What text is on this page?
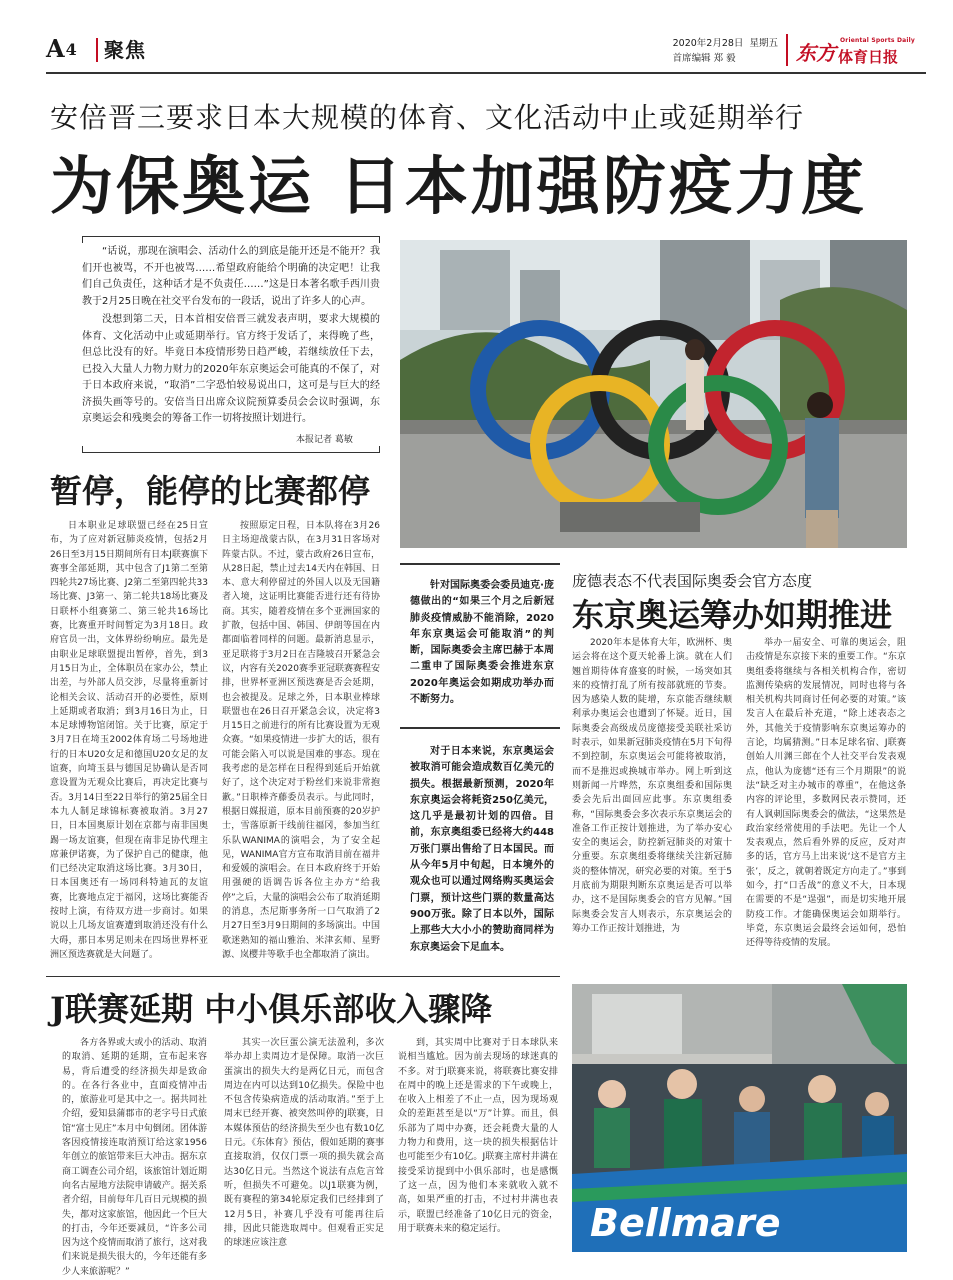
A4 聚焦	2020年2月28日 星期五
首席编辑 郑 毅	东方
Oriental Sports Daily
体育日报
安倍晋三要求日本大规模的体育、文化活动中止或延期举行
为保奥运 日本加强防疫力度

“话说，那现在演唱会、活动什么的到底是能开还是不能开？我们开也被骂，不开也被骂……希望政府能给个明确的决定吧！让我们自己负责任，这种话才是不负责任……”这是日本著名歌手西川贵教于2月25日晚在社交平台发布的一段话，说出了许多人的心声。

没想到第二天，日本首相安倍晋三就发表声明，要求大规模的体育、文化活动中止或延期举行。官方终于发话了，来得晚了些，但总比没有的好。毕竟日本疫情形势日趋严峻，若继续放任下去，已投入大量人力物力财力的2020年东京奥运会可能真的不保了，对于日本政府来说，“取消”二字恐怕较易说出口，这可是与巨大的经济损失画等号的。安倍当日出席众议院预算委员会会议时强调，东京奥运会和残奥会的筹备工作一切将按照计划进行。

本报记者 葛敏
暂停，能停的比赛都停

日本职业足球联盟已经在25日宣布，为了应对新冠肺炎疫情，包括2月26日至3月15日期间所有日本J联赛旗下赛事全部延期，其中包含了J1第二至第四轮共27场比赛、J2第二至第四轮共33场比赛、J3第一、第二轮共18场比赛及日联杯小组赛第二、第三轮共16场比赛，比赛重开时间暂定为3月18日。政府官员一出，文体界纷纷响应。最先是由职业足球联盟提出暂停，首先，到3月15日为止，全体职员在家办公，禁止出差，与外部人员交涉，尽量将重新讨论相关会议、活动召开的必要性，原则上延期或者取消；到3月16日为止，日本足球博物馆闭馆。关于比赛，原定于3月7日在埼玉2002体育场二号场地进行的日本U20女足和德国U20女足的友谊赛，向埼玉县与德国足协确认是否同意设置为无观众比赛后，再决定比赛与否。3月14日至22日举行的第25届全日本九人制足球锦标赛被取消。3月27日，日本国奥原计划在京都与南非国奥踢一场友谊赛，但现在南非足协代理主席兼伊诺赛，为了保护自己的健康，他们已经决定取消这场比赛。3月30日，日本国奥还有一场同科特迪瓦的友谊赛，比赛地点定于福冈，这场比赛能否按时上演，有待双方进一步商讨。如果说以上几场友谊赛遭到取消还没有什么大碍，那日本男足则未在四场世界杯亚洲区预选赛就是大问题了。

按照原定日程，日本队将在3月26日主场迎战蒙古队，在3月31日客场对阵蒙古队。不过，蒙古政府26日宣布，从28日起，禁止过去14天内在韩国、日本、意大利停留过的外国人以及无国籍者入境，这证明比赛能否进行还有待协商。其实，随着疫情在多个亚洲国家的扩散，包括中国、韩国、伊朗等国在内都面临着同样的问题。最新消息显示，亚足联将于3月2日在吉隆坡召开紧急会议，内容有关2020赛季亚冠联赛赛程安排，世界杯亚洲区预选赛是否会延期，也会被提及。足球之外，日本职业棒球联盟也在26日召开紧急会议，决定将3月15日之前进行的所有比赛设置为无观众赛。“如果疫情进一步扩大的话，很有可能会陷入可以说是国难的事态。现在我考虑的是怎样在日程得到延后开始就好了，这个决定对于粉丝们来说非常抱歉。”日职棒齐藤委员表示。与此同时，根据日媒报道，原本目前预赛的20岁护士，雪落原新干线前往福冈，参加当红乐队WANIMA的演唱会，为了安全起见，WANIMA官方宣布取消目前在福井和爱媛的演唱会。在日本政府终于开始用强硬的语调告诉各位主办方“给我停”之后，大量的演唱会公布了取消延期的消息，杰尼斯事务所一口气取消了2月27日至3月9日期间的多场演出。中国歌迷熟知的福山雅治、米津玄师、星野源、岚樱井等歌手也全都取消了演出。

针对国际奥委会委员迪克·庞德做出的“如果三个月之后新冠肺炎疫情威胁不能消除，2020年东京奥运会可能取消”的判断，国际奥委会主席巴赫于本周二重申了国际奥委会推进东京2020年奥运会如期成功举办而不断努力。

对于日本来说，东京奥运会被取消可能会造成数百亿美元的损失。根据最新预测，2020年东京奥运会将耗资250亿美元，这几乎是最初计划的四倍。目前，东京奥组委已经将大约448万张门票出售给了日本国民。而从今年5月中旬起，日本境外的观众也可以通过网络购买奥运会门票，预计这些门票的数量高达900万张。除了日本以外，国际上那些大大小小的赞助商同样为东京奥运会下足血本。

庞德表态不代表国际奥委会官方态度
东京奥运筹办如期推进

2020年本是体育大年，欧洲杯、奥运会将在这个夏天轮番上演。就在人们翘首期待体育盛宴的时候，一场突如其来的疫情打乱了所有按部就班的节奏。因为感染人数的陡增，东京能否继续顺利承办奥运会也遭到了怀疑。近日，国际奥委会高级成员庞德接受美联社采访时表示，如果新冠肺炎疫情在5月下旬得不到控制，东京奥运会可能将被取消，而不是推迟或换城市举办。网上听到这则新闻一片哗然，东京奥组委和国际奥委会先后出面回应此事。东京奥组委称，“国际奥委会多次表示东京奥运会的准备工作正按计划推进，为了举办安心安全的奥运会，防控新冠肺炎的对策十分重要。东京奥组委将继续关注新冠肺炎的整体情况，研究必要的对策。至于5月底前为期限判断东京奥运是否可以举办，这不是国际奥委会的官方见解。”国际奥委会发言人则表示，东京奥运会的筹办工作正按计划推进，为

举办一届安全、可靠的奥运会，阻击疫情是东京接下来的重要工作。“东京奥组委将继续与各相关机构合作，密切监测传染病的发展情况，同时也将与各相关机构共同商讨任何必要的对策。”该发言人在最后补充道，“除上述表态之外，其他关于疫情影响东京奥运筹办的言论，均属猜测。”日本足球名宿、J联赛创始人川渊三郎在个人社交平台发表观点，他认为庞德“还有三个月期限”的说法“缺乏对主办城市的尊重”，在他这条内容的评论里，多数网民表示赞同，还有人讽刺国际奥委会的做法，“这果然是政治家经常使用的手法吧。先让一个人发表观点，然后看外界的反应，反对声多的话，官方马上出来说‘这不是官方主张’，反之，就朝着既定方向走了。”事到如今，打“口舌战”的意义不大，日本现在需要的不是“逞强”，而是切实地开展防疫工作。才能确保奥运会如期举行。毕竟，东京奥运会最终会运如何，恐怕还得等待疫情的发展。

J联赛延期 中小俱乐部收入骤降

各方各界或大或小的活动、取消的取消、延期的延期，宣布起来容易，背后遭受的经济损失却是致命的。在各行各业中，直面疫情冲击的，旅游业可是其中之一。据共同社介绍，爱知县蒲郡市的老字号日式旅馆“富士见庄”本月中旬倒闭。团体游客因疫情接连取消预订给这家1956年创立的旅馆带来巨大冲击。据东京商工调查公司介绍，该旅馆计划近期向名古屋地方法院申请破产。据关系者介绍，目前每年几百日元规模的损失，都对这家旅馆，他因此一个巨大的打击，今年还要减员，“许多公司因为这个疫情而取消了旅行，这对我们来说是损失很大的，今年还能有多少人来旅游呢？”

其实一次巨蛋公演无法盈利，多次举办却上卖周边才是保障。取消一次巨蛋演出的损失大约是两亿日元，而包含周边在内可以达到10亿损失。保险中也不包含传染病造成的活动取消。”至于上周末已经开赛、被突然叫停的J联赛，日本媒体预估的经济损失至少也有数10亿日元。《东体育》预估，假如延期的赛事直接取消，仅仅门票一项的损失就会高达30亿日元。当然这个说法有点危言耸听，但损失不可避免。以J1联赛为例，既有赛程的第34轮原定我们已经排到了12月5日，补赛几乎没有可能再往后排，因此只能选取周中。但观看正实足的球迷应该注意

到，其实周中比赛对于日本球队来说相当尴尬。因为前去现场的球迷真的不多。对于J联赛来说，将联赛比赛安排在周中的晚上还是需求的下午或晚上，在收入上相差了不止一点，因为现场观众的差距甚至是以“万”计算。而且，俱乐部为了周中办赛，还会耗费大量的人力物力和费用，这一块的损失根据估计也可能至少有10亿。J联赛主席村井满在接受采访提到中小俱乐部时，也是感慨了这一点，因为他们本来就收入就不高，如果严重的打击，不过村井满也表示，联盟已经准备了10亿日元的资金，用于联赛未来的稳定运行。	Bellmare
